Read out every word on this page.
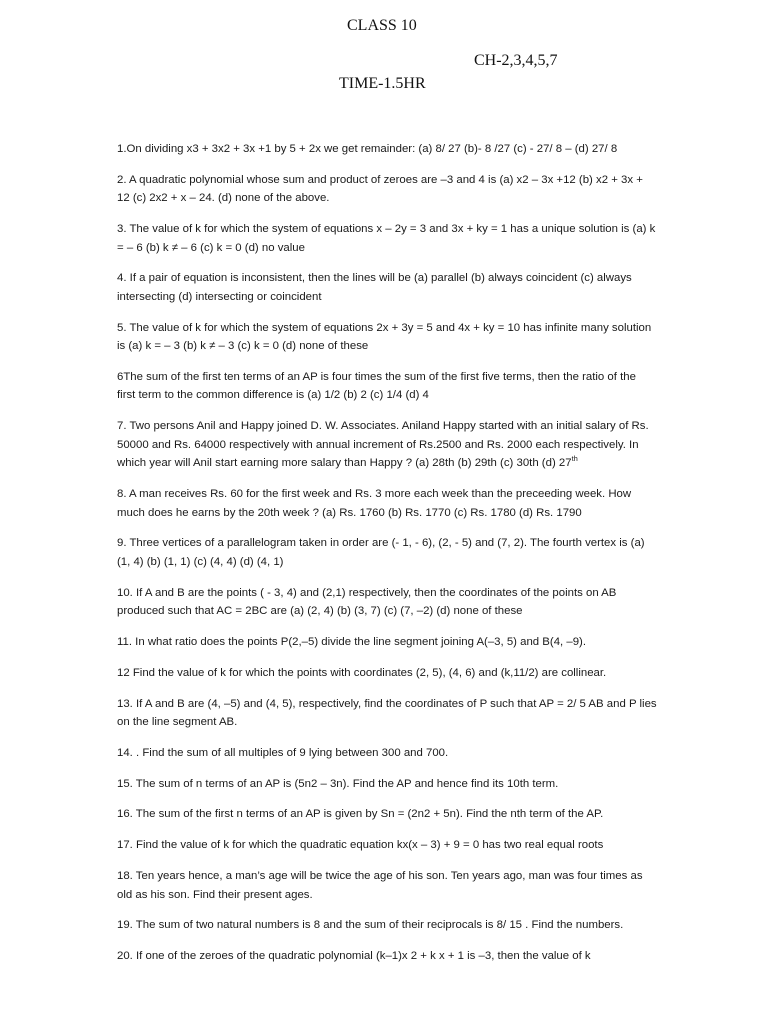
CLASS 10
CH-2,3,4,5,7
TIME-1.5HR

1.On dividing x3 + 3x2 + 3x +1 by 5 + 2x we get remainder: (a) 8/ 27 (b)- 8 /27 (c) - 27/ 8 – (d) 27/ 8

2. A quadratic polynomial whose sum and product of zeroes are –3 and 4 is (a) x2 – 3x +12 (b) x2 + 3x + 12 (c) 2x2 + x – 24. (d) none of the above.

3. The value of k for which the system of equations x – 2y = 3 and 3x + ky = 1 has a unique solution is (a) k = – 6 (b) k ≠ – 6 (c) k = 0 (d) no value

4. If a pair of equation is inconsistent, then the lines will be (a) parallel (b) always coincident (c) always intersecting (d) intersecting or coincident

5. The value of k for which the system of equations 2x + 3y = 5 and 4x + ky = 10 has infinite many solution is (a) k = – 3 (b) k ≠ – 3 (c) k = 0 (d) none of these

6The sum of the first ten terms of an AP is four times the sum of the first five terms, then the ratio of the first term to the common difference is (a) 1/2 (b) 2 (c) 1/4 (d) 4

7. Two persons Anil and Happy joined D. W. Associates. Aniland Happy started with an initial salary of Rs. 50000 and Rs. 64000 respectively with annual increment of Rs.2500 and Rs. 2000 each respectively. In which year will Anil start earning more salary than Happy ? (a) 28th (b) 29th (c) 30th (d) 27th

8. A man receives Rs. 60 for the first week and Rs. 3 more each week than the preceeding week. How much does he earns by the 20th week ? (a) Rs. 1760 (b) Rs. 1770 (c) Rs. 1780 (d) Rs. 1790

9. Three vertices of a parallelogram taken in order are (- 1, - 6), (2, - 5) and (7, 2). The fourth vertex is (a) (1, 4) (b) (1, 1) (c) (4, 4) (d) (4, 1)

10. If A and B are the points ( - 3, 4) and (2,1) respectively, then the coordinates of the points on AB produced such that AC = 2BC are (a) (2, 4) (b) (3, 7) (c) (7, –2) (d) none of these

11. In what ratio does the points P(2,–5) divide the line segment joining A(–3, 5) and B(4, –9).

12 Find the value of k for which the points with coordinates (2, 5), (4, 6) and (k,11/2) are collinear.

13. If A and B are (4, –5) and (4, 5), respectively, find the coordinates of P such that AP = 2/ 5 AB and P lies on the line segment AB.

14. . Find the sum of all multiples of 9 lying between 300 and 700.

15. The sum of n terms of an AP is (5n2 – 3n). Find the AP and hence find its 10th term.

16. The sum of the first n terms of an AP is given by Sn = (2n2 + 5n). Find the nth term of the AP.

17. Find the value of k for which the quadratic equation kx(x – 3) + 9 = 0 has two real equal roots

18. Ten years hence, a man’s age will be twice the age of his son. Ten years ago, man was four times as old as his son. Find their present ages.

19. The sum of two natural numbers is 8 and the sum of their reciprocals is 8/ 15 . Find the numbers.

20. If one of the zeroes of the quadratic polynomial (k–1)x 2 + k x + 1 is –3, then the value of k
